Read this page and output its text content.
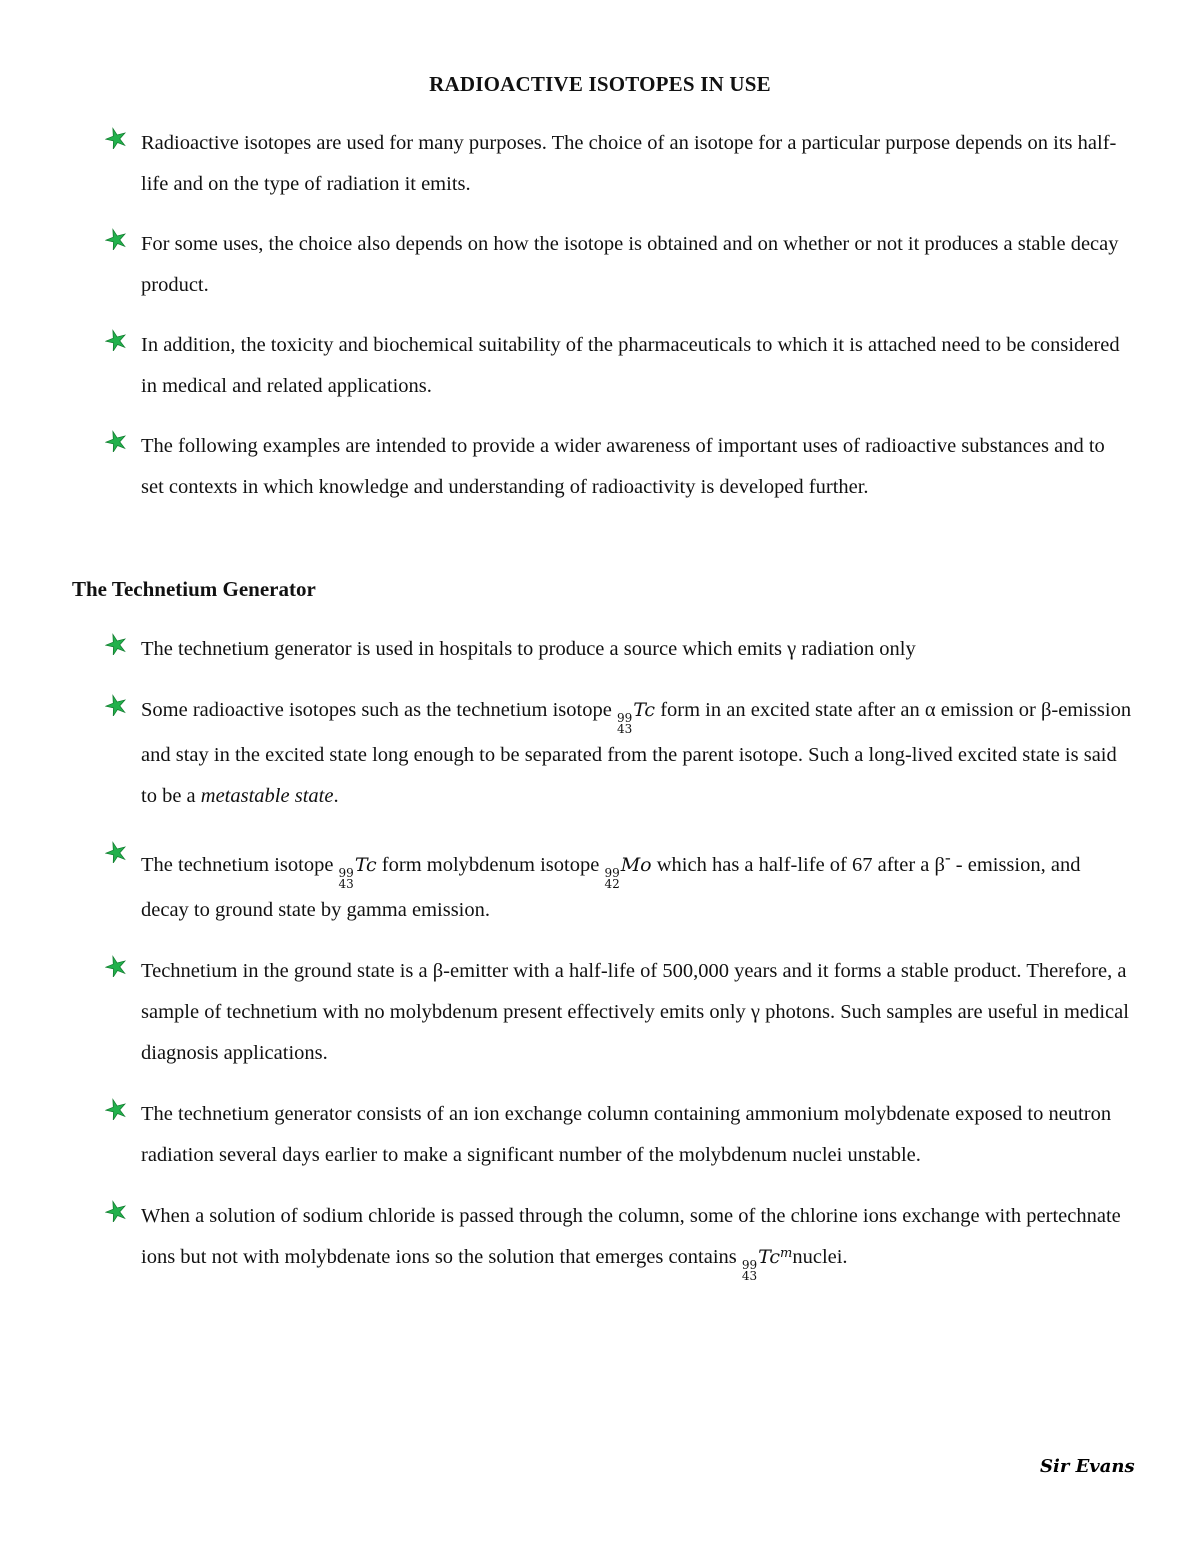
RADIOACTIVE ISOTOPES IN USE
Radioactive isotopes are used for many purposes. The choice of an isotope for a particular purpose depends on its half-life and on the type of radiation it emits.
For some uses, the choice also depends on how the isotope is obtained and on whether or not it produces a stable decay product.
In addition, the toxicity and biochemical suitability of the pharmaceuticals to which it is attached need to be considered in medical and related applications.
The following examples are intended to provide a wider awareness of important uses of radioactive substances and to set contexts in which knowledge and understanding of radioactivity is developed further.
The Technetium Generator
The technetium generator is used in hospitals to produce a source which emits γ radiation only
Some radioactive isotopes such as the technetium isotope 99
43
Tc form in an excited state after an α emission or β-emission and stay in the excited state long enough to be separated from the parent isotope. Such a long-lived excited state is said to be a metastable state.
The technetium isotope 99
43
Tc form molybdenum isotope 99
42
Mo which has a half-life of 67 after a β- - emission, and decay to ground state by gamma emission.
Technetium in the ground state is a β-emitter with a half-life of 500,000 years and it forms a stable product. Therefore, a sample of technetium with no molybdenum present effectively emits only γ photons. Such samples are useful in medical diagnosis applications.
The technetium generator consists of an ion exchange column containing ammonium molybdenate exposed to neutron radiation several days earlier to make a significant number of the molybdenum nuclei unstable.
When a solution of sodium chloride is passed through the column, some of the chlorine ions exchange with pertechnate ions but not with molybdenate ions so the solution that emerges contains 99
43
Tc$^m$nuclei.
Sir Evans
